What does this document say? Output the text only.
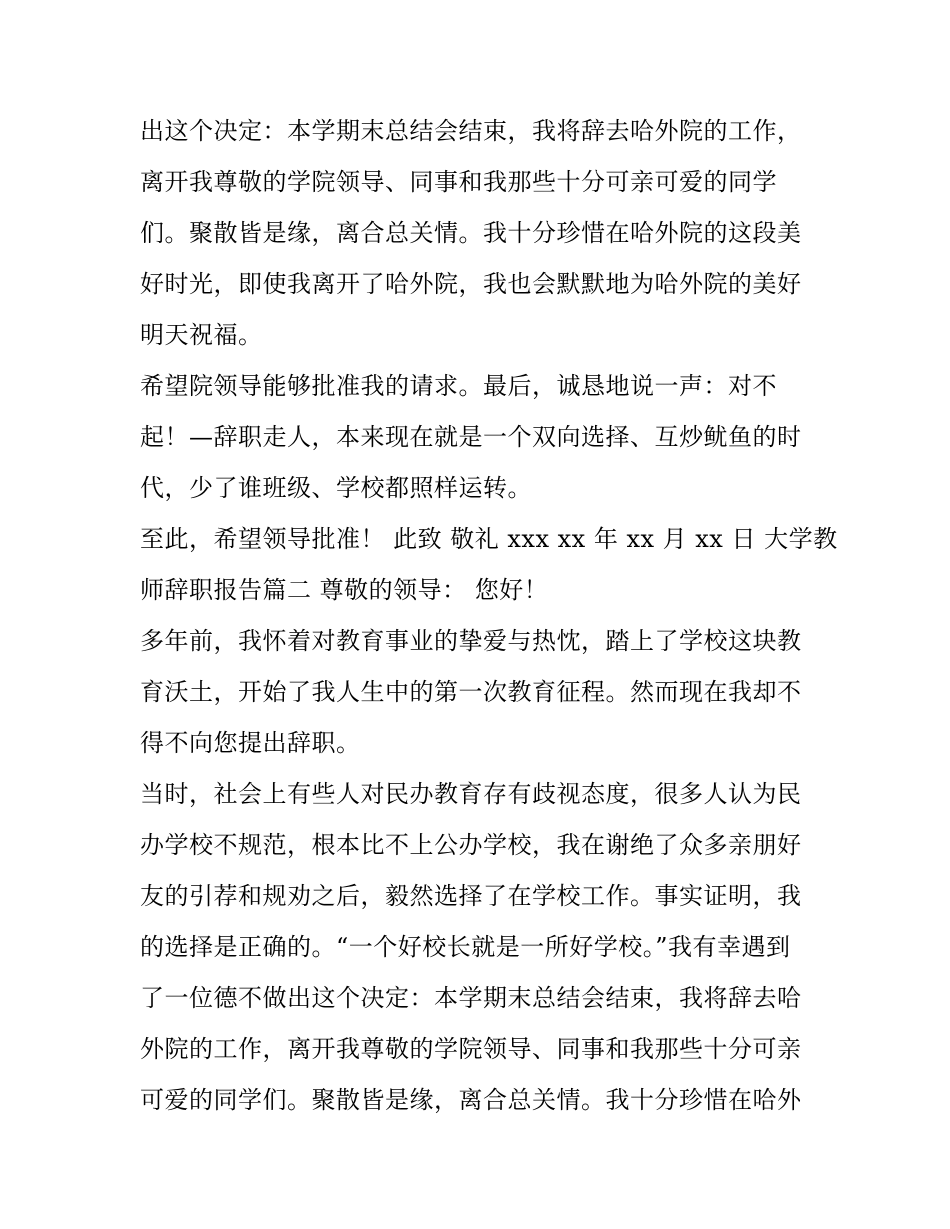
出这个决定：本学期末总结会结束，我将辞去哈外院的工作，
离开我尊敬的学院领导、同事和我那些十分可亲可爱的同学
们。聚散皆是缘，离合总关情。我十分珍惜在哈外院的这段美
好时光，即使我离开了哈外院，我也会默默地为哈外院的美好
明天祝福。
希望院领导能够批准我的请求。最后，诚恳地说一声：对不
起！—辞职走人，本来现在就是一个双向选择、互炒鱿鱼的时
代，少了谁班级、学校都照样运转。
至此，希望领导批准！ 此致 敬礼 xxx xx 年 xx 月 xx 日 大学教
师辞职报告篇二 尊敬的领导： 您好！
多年前，我怀着对教育事业的挚爱与热忱，踏上了学校这块教
育沃土，开始了我人生中的第一次教育征程。然而现在我却不
得不向您提出辞职。
当时，社会上有些人对民办教育存有歧视态度，很多人认为民
办学校不规范，根本比不上公办学校，我在谢绝了众多亲朋好
友的引荐和规劝之后，毅然选择了在学校工作。事实证明，我
的选择是正确的。“一个好校长就是一所好学校。”我有幸遇到
了一位德不做出这个决定：本学期末总结会结束，我将辞去哈
外院的工作，离开我尊敬的学院领导、同事和我那些十分可亲
可爱的同学们。聚散皆是缘，离合总关情。我十分珍惜在哈外
